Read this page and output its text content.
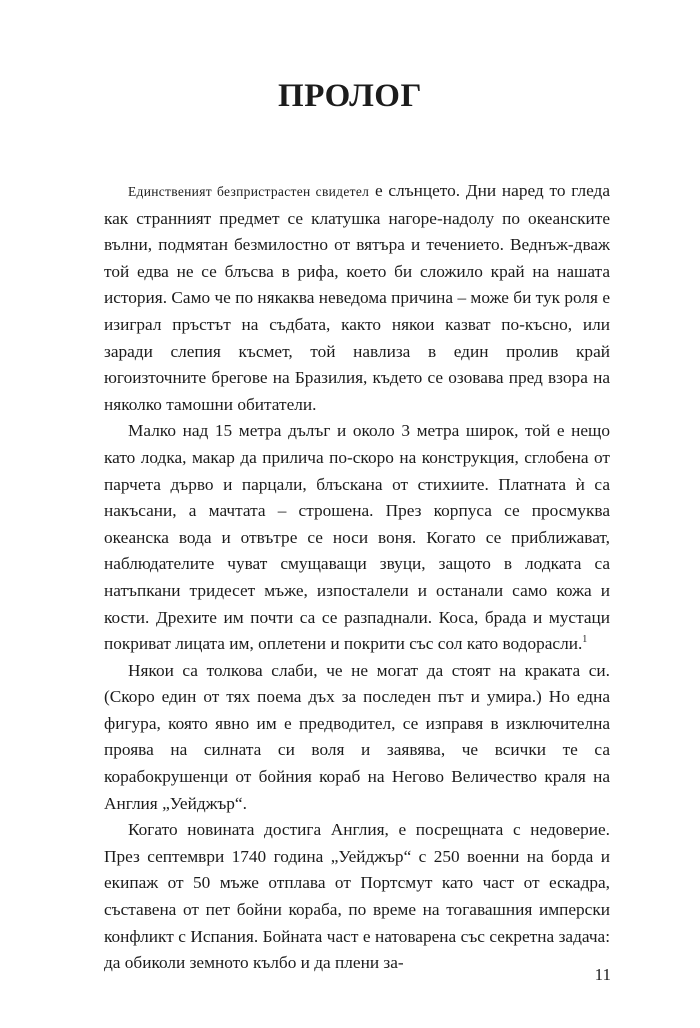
ПРОЛОГ

Единственият безпристрастен свидетел е слънцето. Дни наред то гледа как странният предмет се клатушка нагоре-надолу по океанските вълни, подмятан безмилостно от вятъра и течението. Веднъж-дваж той едва не се блъсва в рифа, което би сложило край на нашата история. Само че по някаква неведома причина – може би тук роля е изиграл пръстът на съдбата, както някои казват по-късно, или заради слепия късмет, той навлиза в един пролив край югоизточните брегове на Бразилия, където се озовава пред взора на няколко тамошни обитатели.

Малко над 15 метра дълъг и около 3 метра широк, той е нещо като лодка, макар да прилича по-скоро на конструкция, сглобена от парчета дърво и парцали, блъскана от стихиите. Платната ѝ са накъсани, а мачтата – строшена. През корпуса се просмуква океанска вода и отвътре се носи воня. Когато се приближават, наблюдателите чуват смущаващи звуци, защото в лодката са натъпкани тридесет мъже, изпосталели и останали само кожа и кости. Дрехите им почти са се разпаднали. Коса, брада и мустаци покриват лицата им, оплетени и покрити със сол като водорасли.$^1$

Някои са толкова слаби, че не могат да стоят на краката си. (Скоро един от тях поема дъх за последен път и умира.) Но една фигура, която явно им е предводител, се изправя в изключителна проява на силната си воля и заявява, че всички те са корабокрушенци от бойния кораб на Негово Величество краля на Англия „Уейджър“.

Когато новината достига Англия, е посрещната с недоверие. През септември 1740 година „Уейджър“ с 250 военни на борда и екипаж от 50 мъже отплава от Портсмут като част от ескадра, съставена от пет бойни кораба, по време на тогавашния имперски конфликт с Испания. Бойната част е натоварена със секретна задача: да обиколи земното кълбо и да плени за-

11
